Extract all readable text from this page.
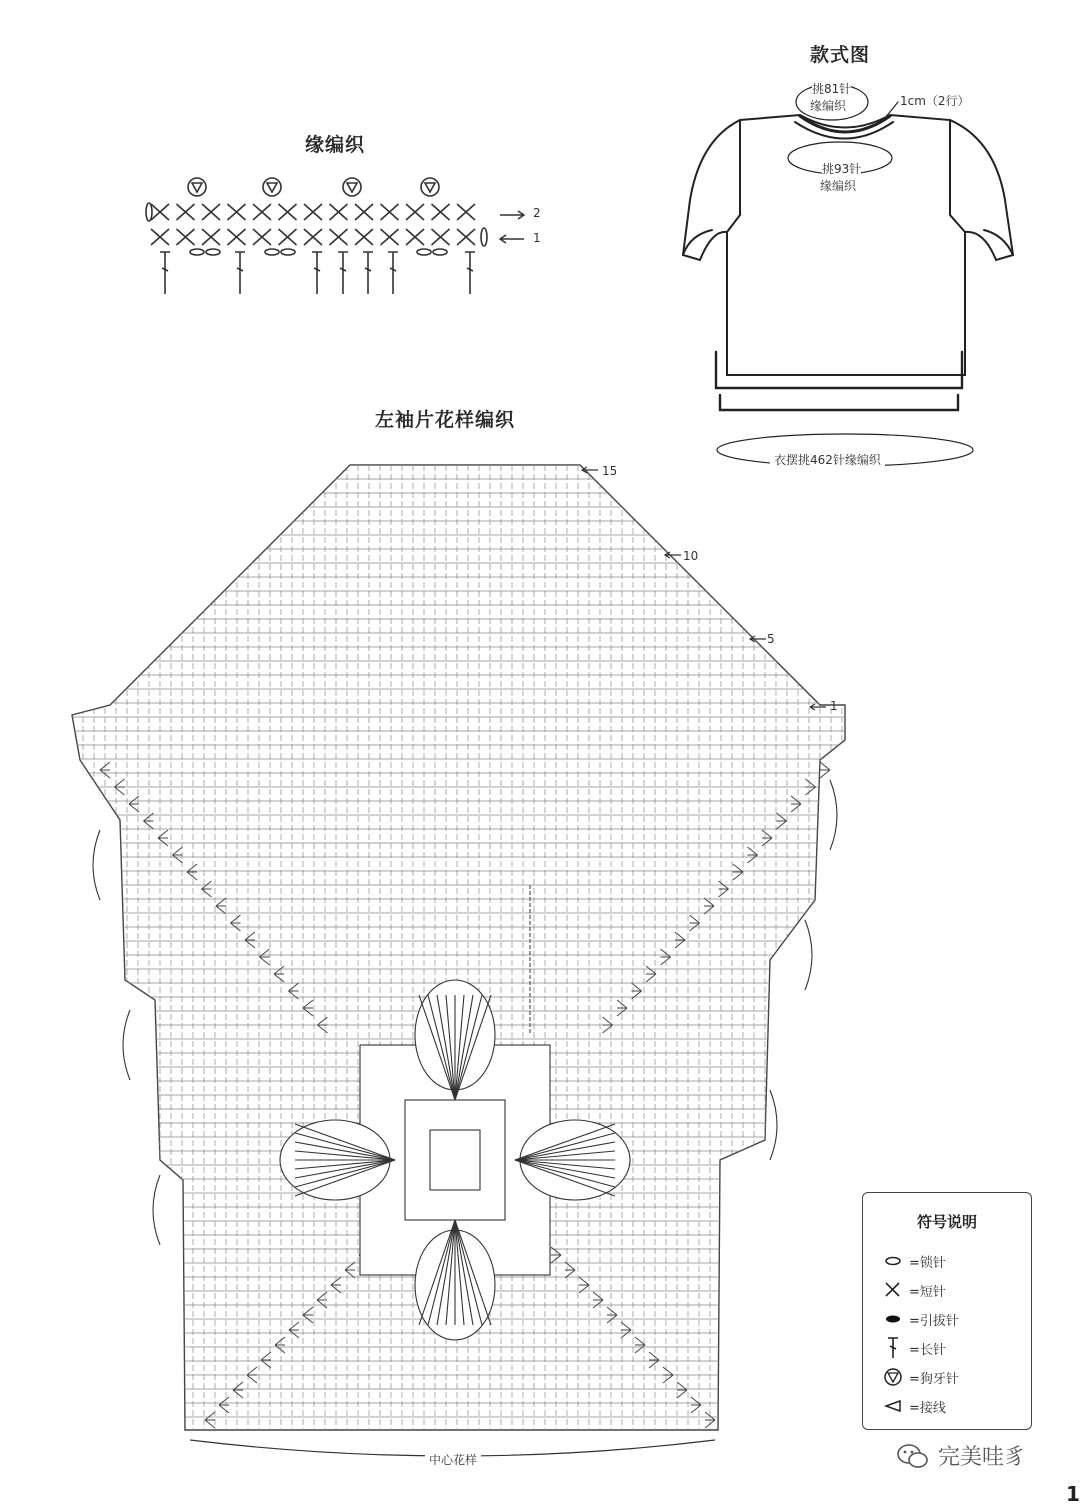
缘编织
2
1
款式图
挑81针
缘编织	1cm（2行）
挑93针
缘编织
衣摆挑462针缘编织
左袖片花样编织
15
10
5
1
中心花样
符号说明
=锁针
=短针
=引拔针
=长针
=狗牙针
=接线
完美哇豸
1
